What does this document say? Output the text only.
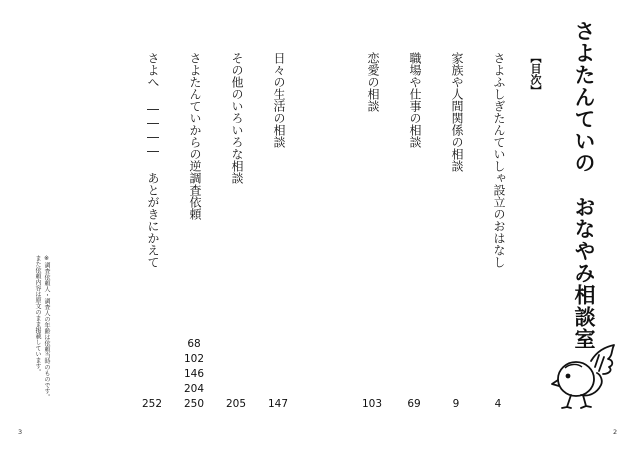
さよたんていの　おなやみ相談室
【目次】
さよふしぎたんていしゃ設立のおはなし
家族や人間関係の相談
職場や仕事の相談
恋愛の相談
日々の生活の相談
その他のいろいろな相談
さよたんていからの逆調査依頼
さよへ ―――― あとがきにかえて
4
9
69
103
147
205
68
102
146
204
250
252
※調査依頼人・調査人の年齢は依頼当時のものです。
また依頼内容は原文のまま掲載しています。
3	2
